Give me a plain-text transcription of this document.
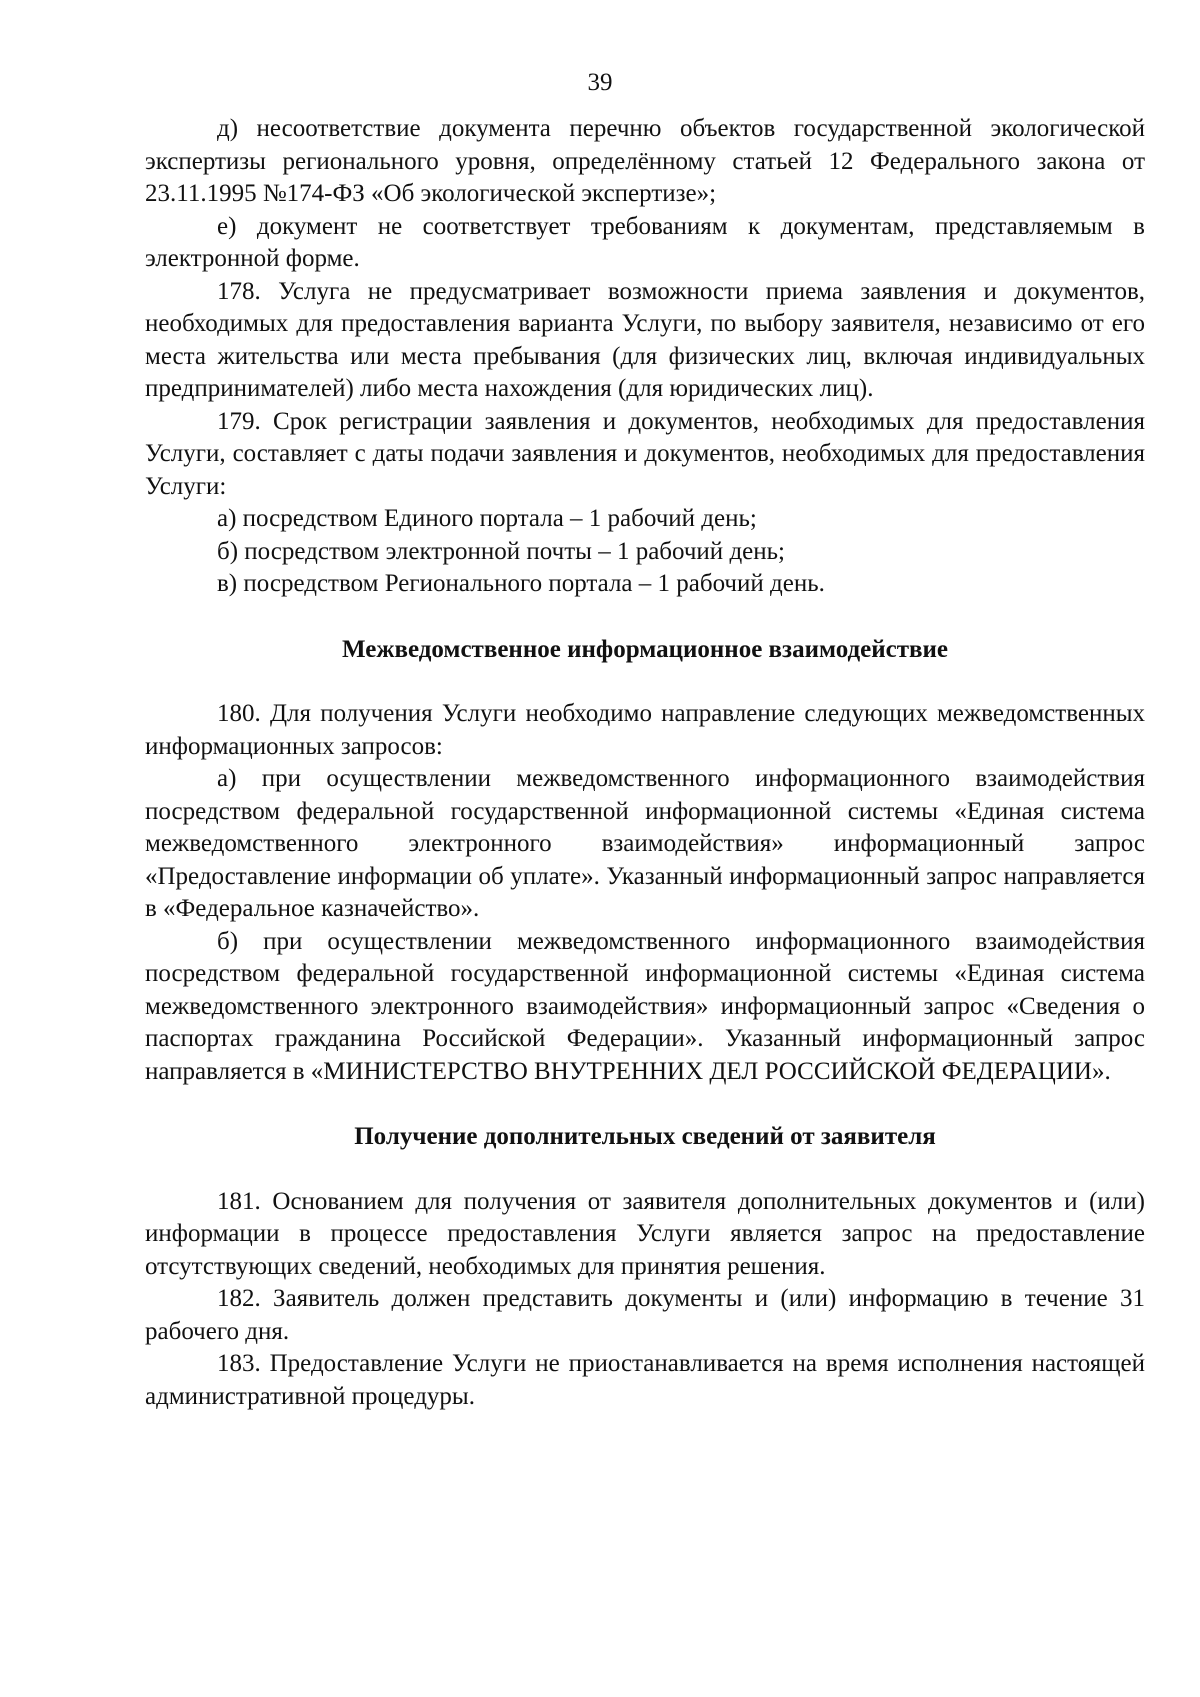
39

д) несоответствие документа перечню объектов государственной экологической экспертизы регионального уровня, определённому статьей 12 Федерального закона от 23.11.1995 №174-ФЗ «Об экологической экспертизе»;

е) документ не соответствует требованиям к документам, представляемым в электронной форме.

178. Услуга не предусматривает возможности приема заявления и документов, необходимых для предоставления варианта Услуги, по выбору заявителя, независимо от его места жительства или места пребывания (для физических лиц, включая индивидуальных предпринимателей) либо места нахождения (для юридических лиц).

179. Срок регистрации заявления и документов, необходимых для предоставления Услуги, составляет с даты подачи заявления и документов, необходимых для предоставления Услуги:

а) посредством Единого портала – 1 рабочий день;

б) посредством электронной почты – 1 рабочий день;

в) посредством Регионального портала – 1 рабочий день.

Межведомственное информационное взаимодействие

180. Для получения Услуги необходимо направление следующих межведомственных информационных запросов:

а) при осуществлении межведомственного информационного взаимодействия посредством федеральной государственной информационной системы «Единая система межведомственного электронного взаимодействия» информационный запрос «Предоставление информации об уплате». Указанный информационный запрос направляется в «Федеральное казначейство».

б) при осуществлении межведомственного информационного взаимодействия посредством федеральной государственной информационной системы «Единая система межведомственного электронного взаимодействия» информационный запрос «Сведения о паспортах гражданина Российской Федерации». Указанный информационный запрос направляется в «МИНИСТЕРСТВО ВНУТРЕННИХ ДЕЛ РОССИЙСКОЙ ФЕДЕРАЦИИ».

Получение дополнительных сведений от заявителя

181. Основанием для получения от заявителя дополнительных документов и (или) информации в процессе предоставления Услуги является запрос на предоставление отсутствующих сведений, необходимых для принятия решения.

182. Заявитель должен представить документы и (или) информацию в течение 31 рабочего дня.

183. Предоставление Услуги не приостанавливается на время исполнения настоящей административной процедуры.
